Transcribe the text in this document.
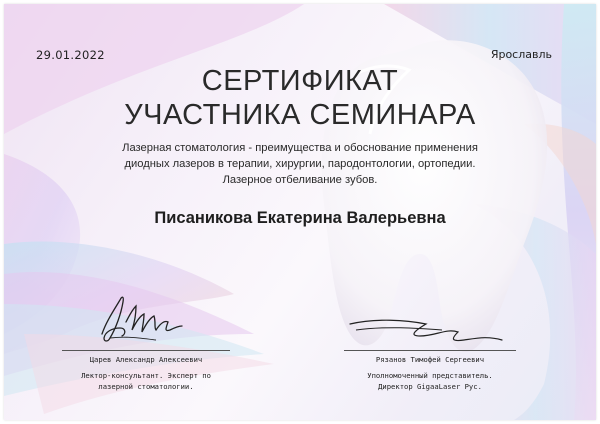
29.01.2022	Ярославль
СЕРТИФИКАТ
УЧАСТНИКА СЕМИНАРА
Лазерная стоматология - преимущества и обоснование применения
диодных лазеров в терапии, хирургии, пародонтологии, ортопедии.
Лазерное отбеливание зубов.
Писаникова Екатерина Валерьевна
Царев Александр Алексеевич
Лектор-консультант. Эксперт по
лазерной стоматологии.
Рязанов Тимофей Сергеевич
Уполномоченный представитель.
Директор GigaaLaser Рус.
